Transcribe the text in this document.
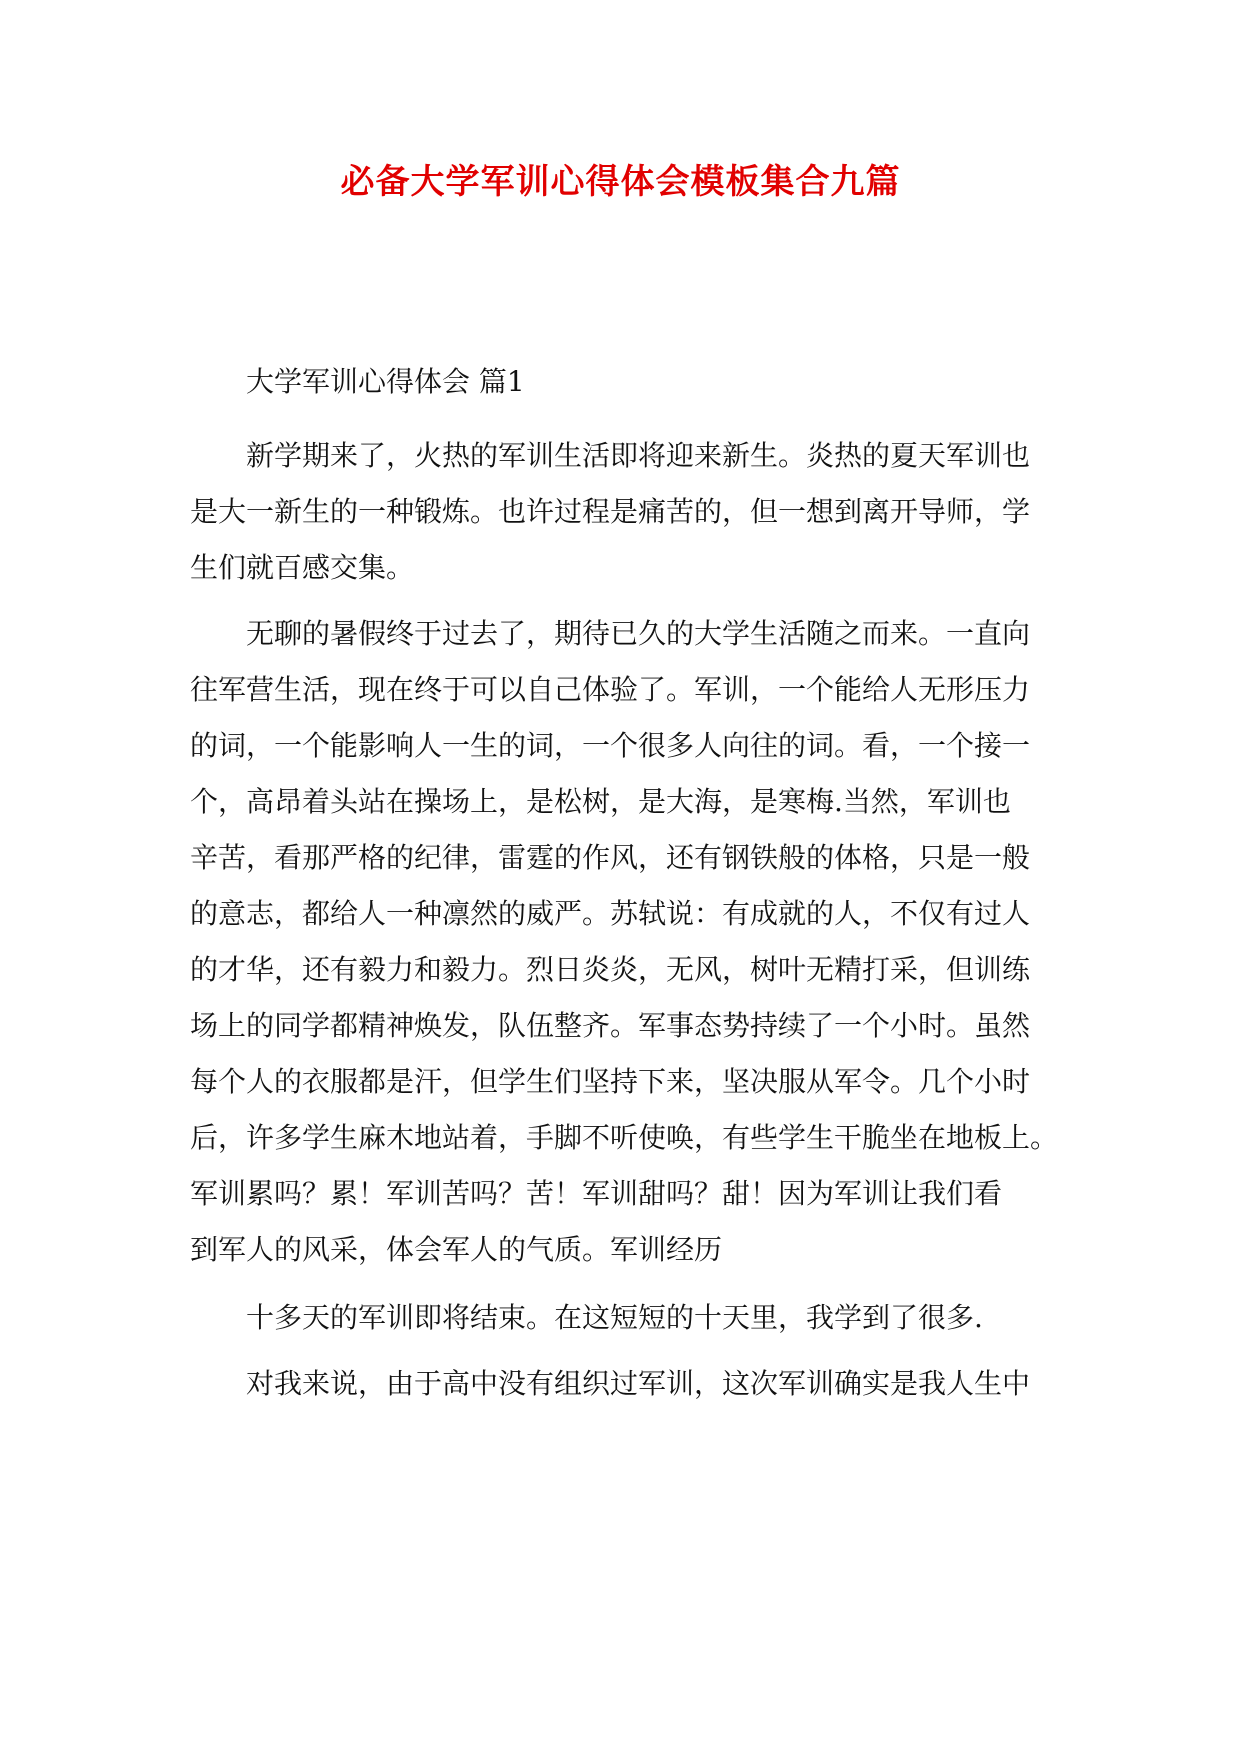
必备大学军训心得体会模板集合九篇
大学军训心得体会 篇1
新学期来了，火热的军训生活即将迎来新生。炎热的夏天军训也
是大一新生的一种锻炼。也许过程是痛苦的，但一想到离开导师，学
生们就百感交集。
无聊的暑假终于过去了，期待已久的大学生活随之而来。一直向
往军营生活，现在终于可以自己体验了。军训，一个能给人无形压力
的词，一个能影响人一生的词，一个很多人向往的词。看，一个接一
个，高昂着头站在操场上，是松树，是大海，是寒梅.当然，军训也
辛苦，看那严格的纪律，雷霆的作风，还有钢铁般的体格，只是一般
的意志，都给人一种凛然的威严。苏轼说：有成就的人，不仅有过人
的才华，还有毅力和毅力。烈日炎炎，无风，树叶无精打采，但训练
场上的同学都精神焕发，队伍整齐。军事态势持续了一个小时。虽然
每个人的衣服都是汗，但学生们坚持下来，坚决服从军令。几个小时
后，许多学生麻木地站着，手脚不听使唤，有些学生干脆坐在地板上。
军训累吗？累！军训苦吗？苦！军训甜吗？甜！因为军训让我们看
到军人的风采，体会军人的气质。军训经历
十多天的军训即将结束。在这短短的十天里，我学到了很多.
对我来说，由于高中没有组织过军训，这次军训确实是我人生中
